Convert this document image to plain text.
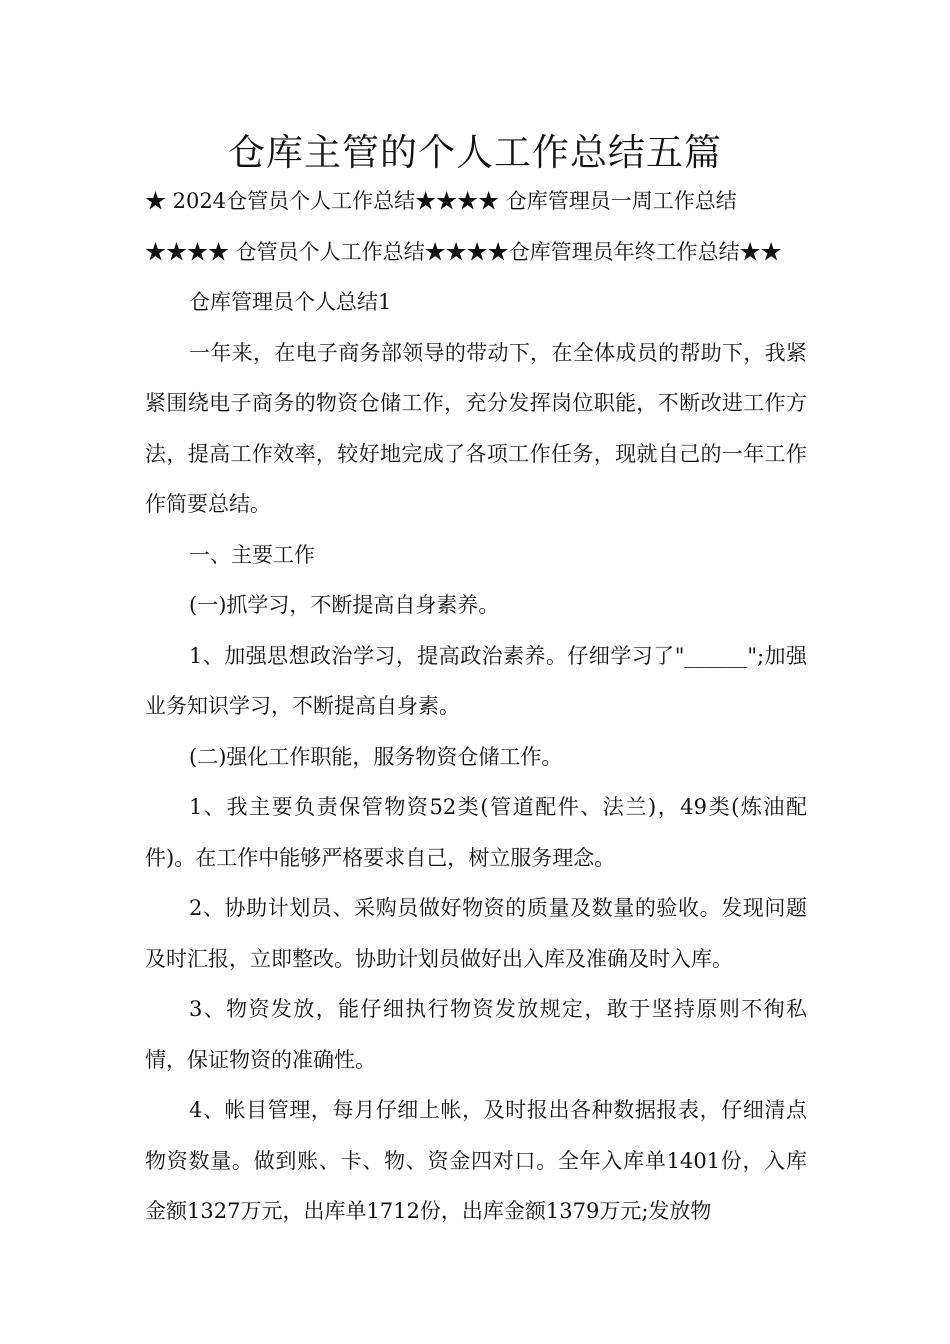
仓库主管的个人工作总结五篇

★ 2024仓管员个人工作总结★★★★ 仓库管理员一周工作总结★★★★ 仓管员个人工作总结★★★★仓库管理员年终工作总结★★

仓库管理员个人总结1

一年来，在电子商务部领导的带动下，在全体成员的帮助下，我紧紧围绕电子商务的物资仓储工作，充分发挥岗位职能，不断改进工作方法，提高工作效率，较好地完成了各项工作任务，现就自己的一年工作作简要总结。

一、主要工作

(一)抓学习，不断提高自身素养。

1、加强思想政治学习，提高政治素养。仔细学习了"______";加强业务知识学习，不断提高自身素。

(二)强化工作职能，服务物资仓储工作。

1、我主要负责保管物资52类(管道配件、法兰)，49类(炼油配件)。在工作中能够严格要求自己，树立服务理念。

2、协助计划员、采购员做好物资的质量及数量的验收。发现问题及时汇报，立即整改。协助计划员做好出入库及准确及时入库。

3、物资发放，能仔细执行物资发放规定，敢于坚持原则不徇私情，保证物资的准确性。

4、帐目管理，每月仔细上帐，及时报出各种数据报表，仔细清点物资数量。做到账、卡、物、资金四对口。全年入库单1401份，入库金额1327万元，出库单1712份，出库金额1379万元;发放物
